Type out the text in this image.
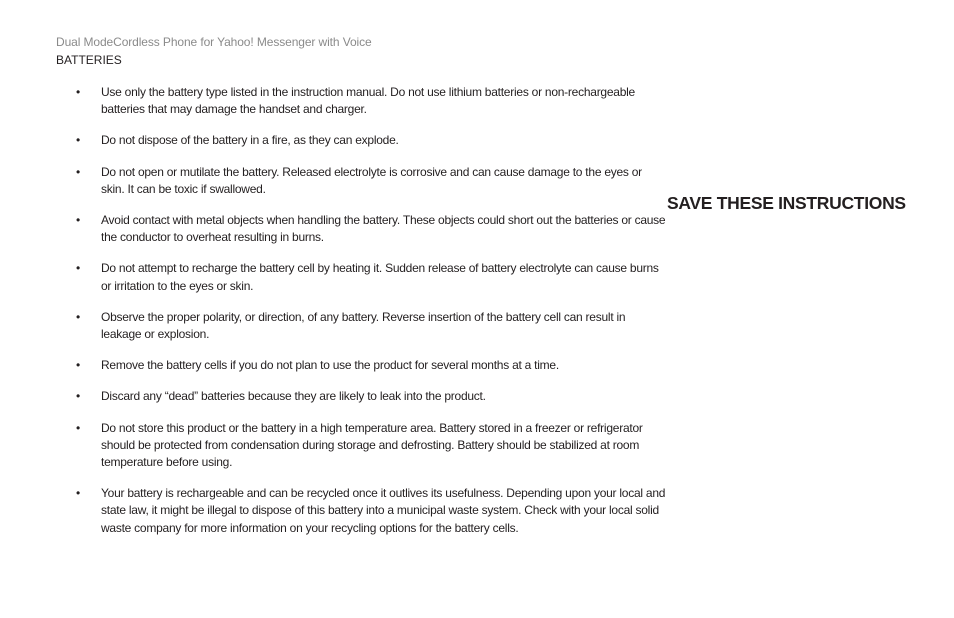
Dual ModeCordless Phone for Yahoo! Messenger with Voice
BATTERIES
•	Use only the battery type listed in the instruction manual. Do not use lithium batteries or non-rechargeable batteries that may damage the handset and charger.
•	Do not dispose of the battery in a fire, as they can explode.
•	Do not open or mutilate the battery. Released electrolyte is corrosive and can cause damage to the eyes or skin. It can be toxic if swallowed.
•	Avoid contact with metal objects when handling the battery. These objects could short out the batteries or cause the conductor to overheat resulting in burns.
•	Do not attempt to recharge the battery cell by heating it. Sudden release of battery electrolyte can cause burns or irritation to the eyes or skin.
•	Observe the proper polarity, or direction, of any battery. Reverse insertion of the battery cell can result in leakage or explosion.
•	Remove the battery cells if you do not plan to use the product for several months at a time.
•	Discard any “dead” batteries because they are likely to leak into the product.
•	Do not store this product or the battery in a high temperature area. Battery stored in a freezer or refrigerator should be protected from condensation during storage and defrosting. Battery should be stabilized at room temperature before using.
•	Your battery is rechargeable and can be recycled once it outlives its usefulness. Depending upon your local and state law, it might be illegal to dispose of this battery into a municipal waste system. Check with your local solid waste company for more information on your recycling options for the battery cells.
SAVE THESE INSTRUCTIONS
